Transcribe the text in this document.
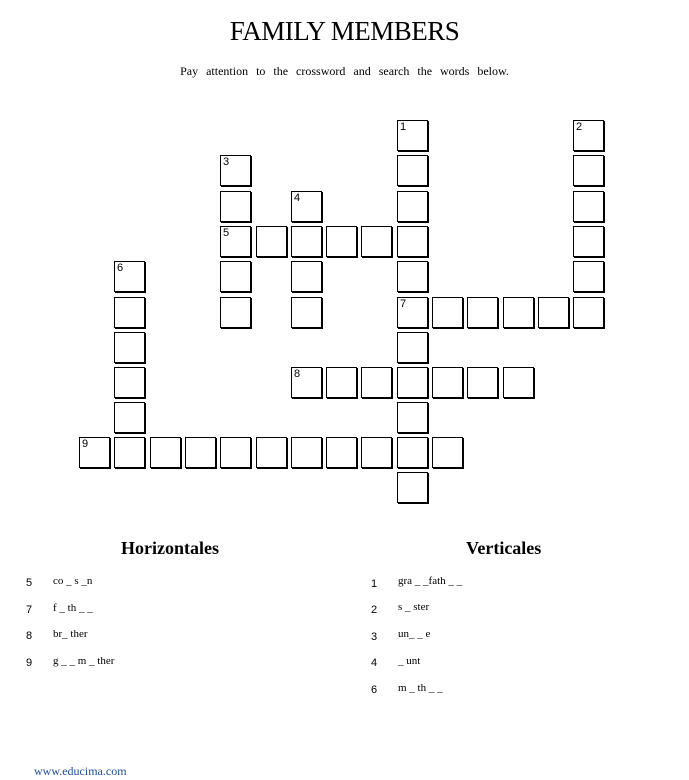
FAMILY MEMBERS
Pay attention to the crossword and search the words below.
1
7
2
3
5
4
6
8
9
Horizontales	Verticales
5 co _ s _n
7 f _ th _ _
8 br_ ther
9 g _ _ m _ ther
1 gra _ _fath _ _
2 s _ ster
3 un_ _ e
4 _ unt
6 m _ th _ _
www.educima.com
